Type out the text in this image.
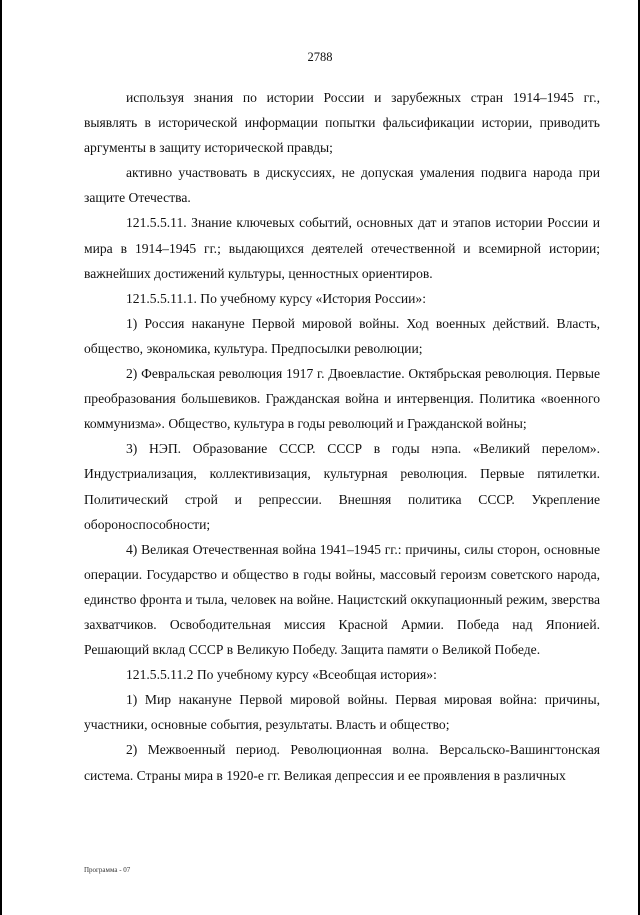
2788

используя знания по истории России и зарубежных стран 1914–1945 гг., выявлять в исторической информации попытки фальсификации истории, приводить аргументы в защиту исторической правды;

активно участвовать в дискуссиях, не допуская умаления подвига народа при защите Отечества.

121.5.5.11. Знание ключевых событий, основных дат и этапов истории России и мира в 1914–1945 гг.; выдающихся деятелей отечественной и всемирной истории; важнейших достижений культуры, ценностных ориентиров.

121.5.5.11.1. По учебному курсу «История России»:

1) Россия накануне Первой мировой войны. Ход военных действий. Власть, общество, экономика, культура. Предпосылки революции;

2) Февральская революция 1917 г. Двоевластие. Октябрьская революция. Первые преобразования большевиков. Гражданская война и интервенция. Политика «военного коммунизма». Общество, культура в годы революций и Гражданской войны;

3) НЭП. Образование СССР. СССР в годы нэпа. «Великий перелом». Индустриализация, коллективизация, культурная революция. Первые пятилетки. Политический строй и репрессии. Внешняя политика СССР. Укрепление обороноспособности;

4) Великая Отечественная война 1941–1945 гг.: причины, силы сторон, основные операции. Государство и общество в годы войны, массовый героизм советского народа, единство фронта и тыла, человек на войне. Нацистский оккупационный режим, зверства захватчиков. Освободительная миссия Красной Армии. Победа над Японией. Решающий вклад СССР в Великую Победу. Защита памяти о Великой Победе.

121.5.5.11.2 По учебному курсу «Всеобщая история»:

1) Мир накануне Первой мировой войны. Первая мировая война: причины, участники, основные события, результаты. Власть и общество;

2) Межвоенный период. Революционная волна. Версальско-Вашингтонская система. Страны мира в 1920-е гг. Великая депрессия и ее проявления в различных

Программа - 07
